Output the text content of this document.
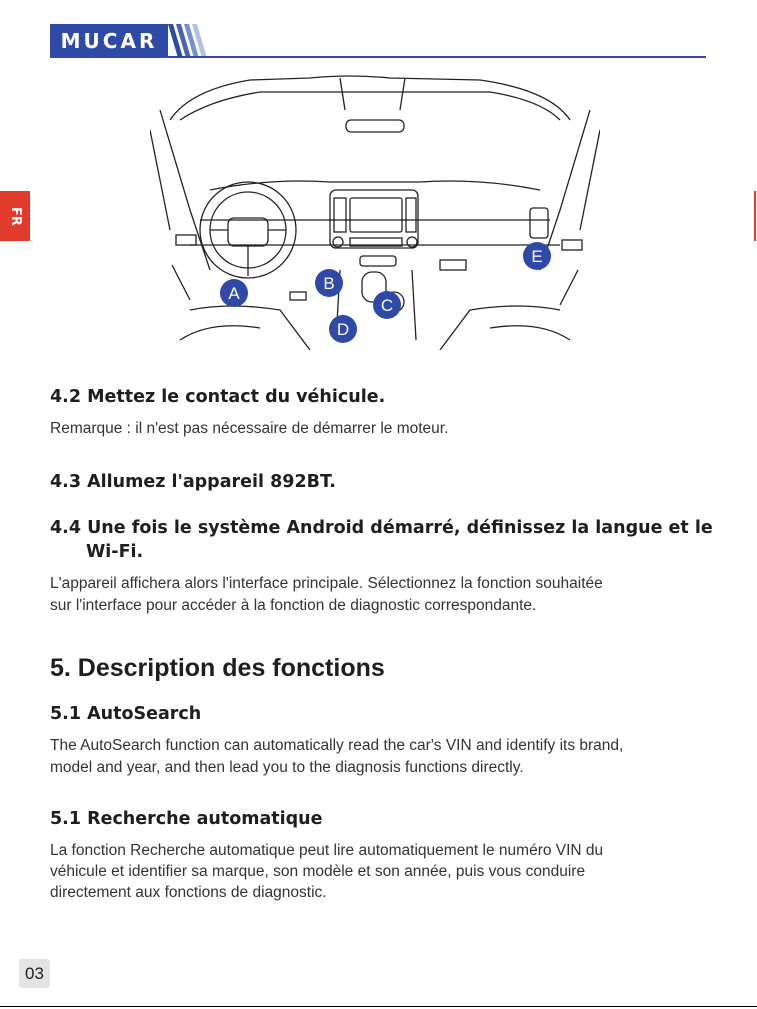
MUCAR
FR
A
B
C
D
E
4.2 Mettez le contact du véhicule.

Remarque : il n'est pas nécessaire de démarrer le moteur.

4.3 Allumez l'appareil 892BT.
4.4 Une fois le système Android démarré, définissez la langue et le
Wi-Fi.

L'appareil affichera alors l'interface principale. Sélectionnez la fonction souhaitée

sur l'interface pour accéder à la fonction de diagnostic correspondante.

5. Description des fonctions
5.1 AutoSearch

The AutoSearch function can automatically read the car's VIN and identify its brand,

model and year, and then lead you to the diagnosis functions directly.

5.1 Recherche automatique

La fonction Recherche automatique peut lire automatiquement le numéro VIN du

véhicule et identifier sa marque, son modèle et son année, puis vous conduire

directement aux fonctions de diagnostic.

03
